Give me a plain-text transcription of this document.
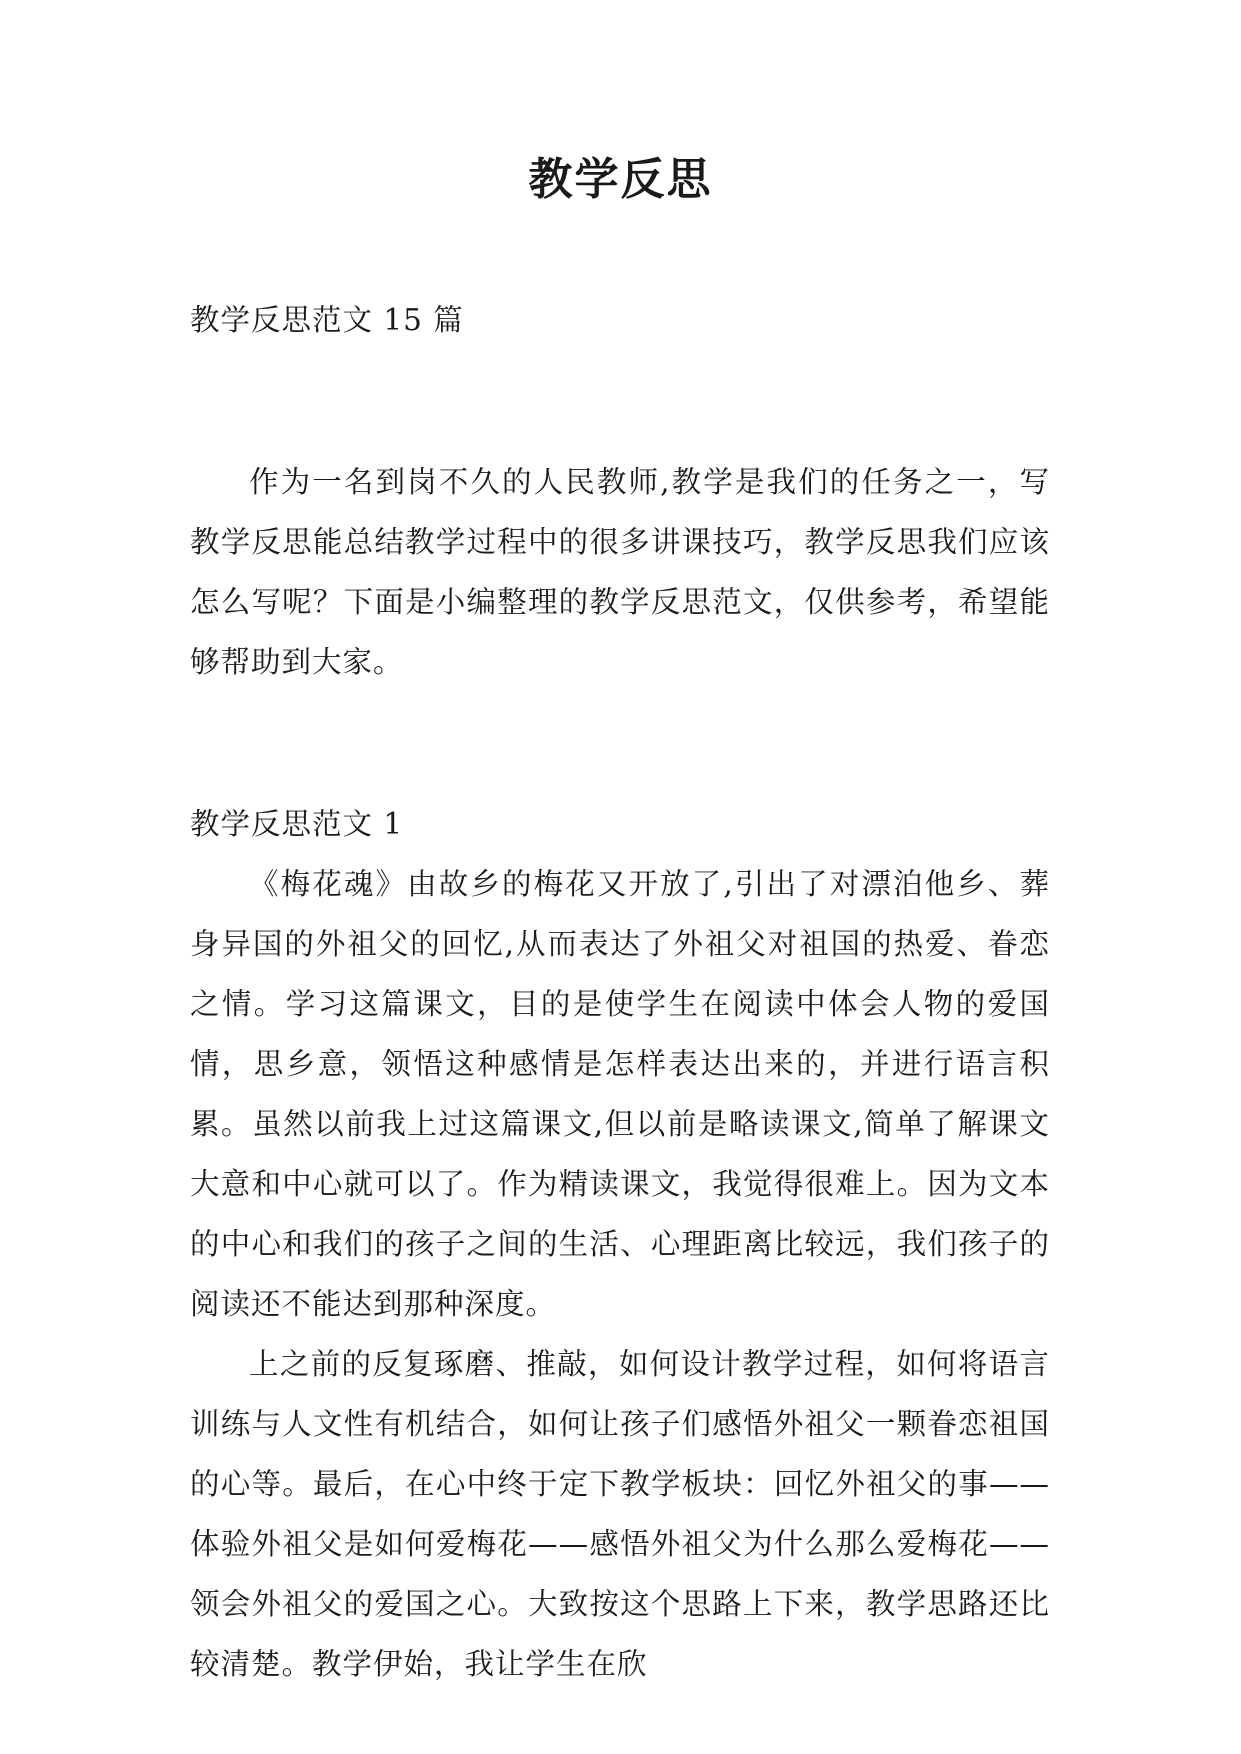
教学反思

教学反思范文 15 篇

作为一名到岗不久的人民教师,教学是我们的任务之一，写教学反思能总结教学过程中的很多讲课技巧，教学反思我们应该怎么写呢？下面是小编整理的教学反思范文，仅供参考，希望能够帮助到大家。

教学反思范文 1

《梅花魂》由故乡的梅花又开放了,引出了对漂泊他乡、葬身异国的外祖父的回忆,从而表达了外祖父对祖国的热爱、眷恋之情。学习这篇课文，目的是使学生在阅读中体会人物的爱国情，思乡意，领悟这种感情是怎样表达出来的，并进行语言积累。虽然以前我上过这篇课文,但以前是略读课文,简单了解课文大意和中心就可以了。作为精读课文，我觉得很难上。因为文本的中心和我们的孩子之间的生活、心理距离比较远，我们孩子的阅读还不能达到那种深度。

上之前的反复琢磨、推敲，如何设计教学过程，如何将语言训练与人文性有机结合，如何让孩子们感悟外祖父一颗眷恋祖国的心等。最后，在心中终于定下教学板块：回忆外祖父的事——体验外祖父是如何爱梅花——感悟外祖父为什么那么爱梅花——领会外祖父的爱国之心。大致按这个思路上下来，教学思路还比较清楚。教学伊始，我让学生在欣
